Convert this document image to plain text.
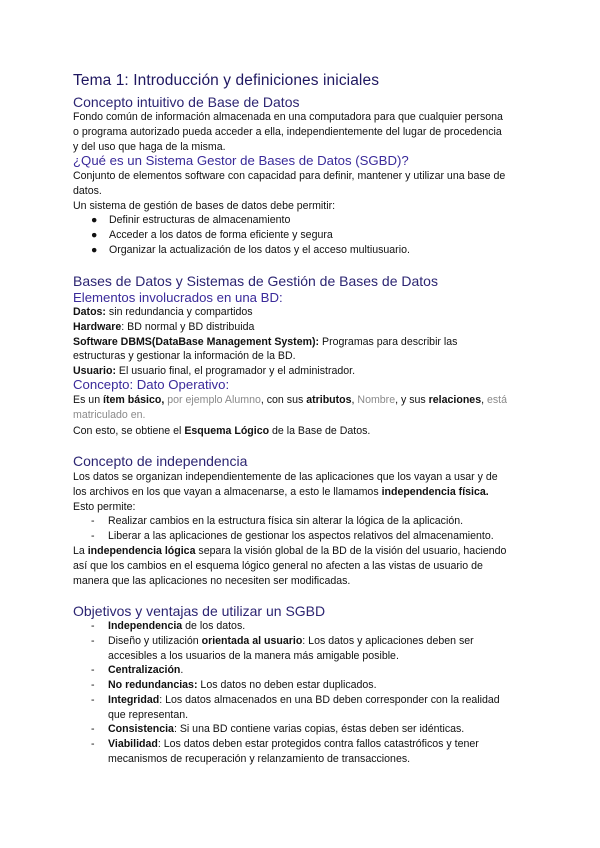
Tema 1: Introducción y definiciones iniciales
Concepto intuitivo de Base de Datos
Fondo común de información almacenada en una computadora para que cualquier persona
o programa autorizado pueda acceder a ella, independientemente del lugar de procedencia
y del uso que haga de la misma.
¿Qué es un Sistema Gestor de Bases de Datos (SGBD)?
Conjunto de elementos software con capacidad para definir, mantener y utilizar una base de
datos.
Un sistema de gestión de bases de datos debe permitir:
● Definir estructuras de almacenamiento
● Acceder a los datos de forma eficiente y segura
● Organizar la actualización de los datos y el acceso multiusuario.
Bases de Datos y Sistemas de Gestión de Bases de Datos
Elementos involucrados en una BD:
Datos: sin redundancia y compartidos
Hardware: BD normal y BD distribuida
Software DBMS(DataBase Management System): Programas para describir las
estructuras y gestionar la información de la BD.
Usuario: El usuario final, el programador y el administrador.
Concepto: Dato Operativo:
Es un ítem básico, por ejemplo Alumno, con sus atributos, Nombre, y sus relaciones, está
matriculado en.
Con esto, se obtiene el Esquema Lógico de la Base de Datos.
Concepto de independencia
Los datos se organizan independientemente de las aplicaciones que los vayan a usar y de
los archivos en los que vayan a almacenarse, a esto le llamamos independencia física.
Esto permite:
-	Realizar cambios en la estructura física sin alterar la lógica de la aplicación.
-	Liberar a las aplicaciones de gestionar los aspectos relativos del almacenamiento.
La independencia lógica separa la visión global de la BD de la visión del usuario, haciendo
así que los cambios en el esquema lógico general no afecten a las vistas de usuario de
manera que las aplicaciones no necesiten ser modificadas.
Objetivos y ventajas de utilizar un SGBD
-	Independencia de los datos.
-	Diseño y utilización orientada al usuario: Los datos y aplicaciones deben ser
accesibles a los usuarios de la manera más amigable posible.
-	Centralización.
-	No redundancias: Los datos no deben estar duplicados.
-	Integridad: Los datos almacenados en una BD deben corresponder con la realidad
que representan.
-	Consistencia: Si una BD contiene varias copias, éstas deben ser idénticas.
-	Viabilidad: Los datos deben estar protegidos contra fallos catastróficos y tener
mecanismos de recuperación y relanzamiento de transacciones.
